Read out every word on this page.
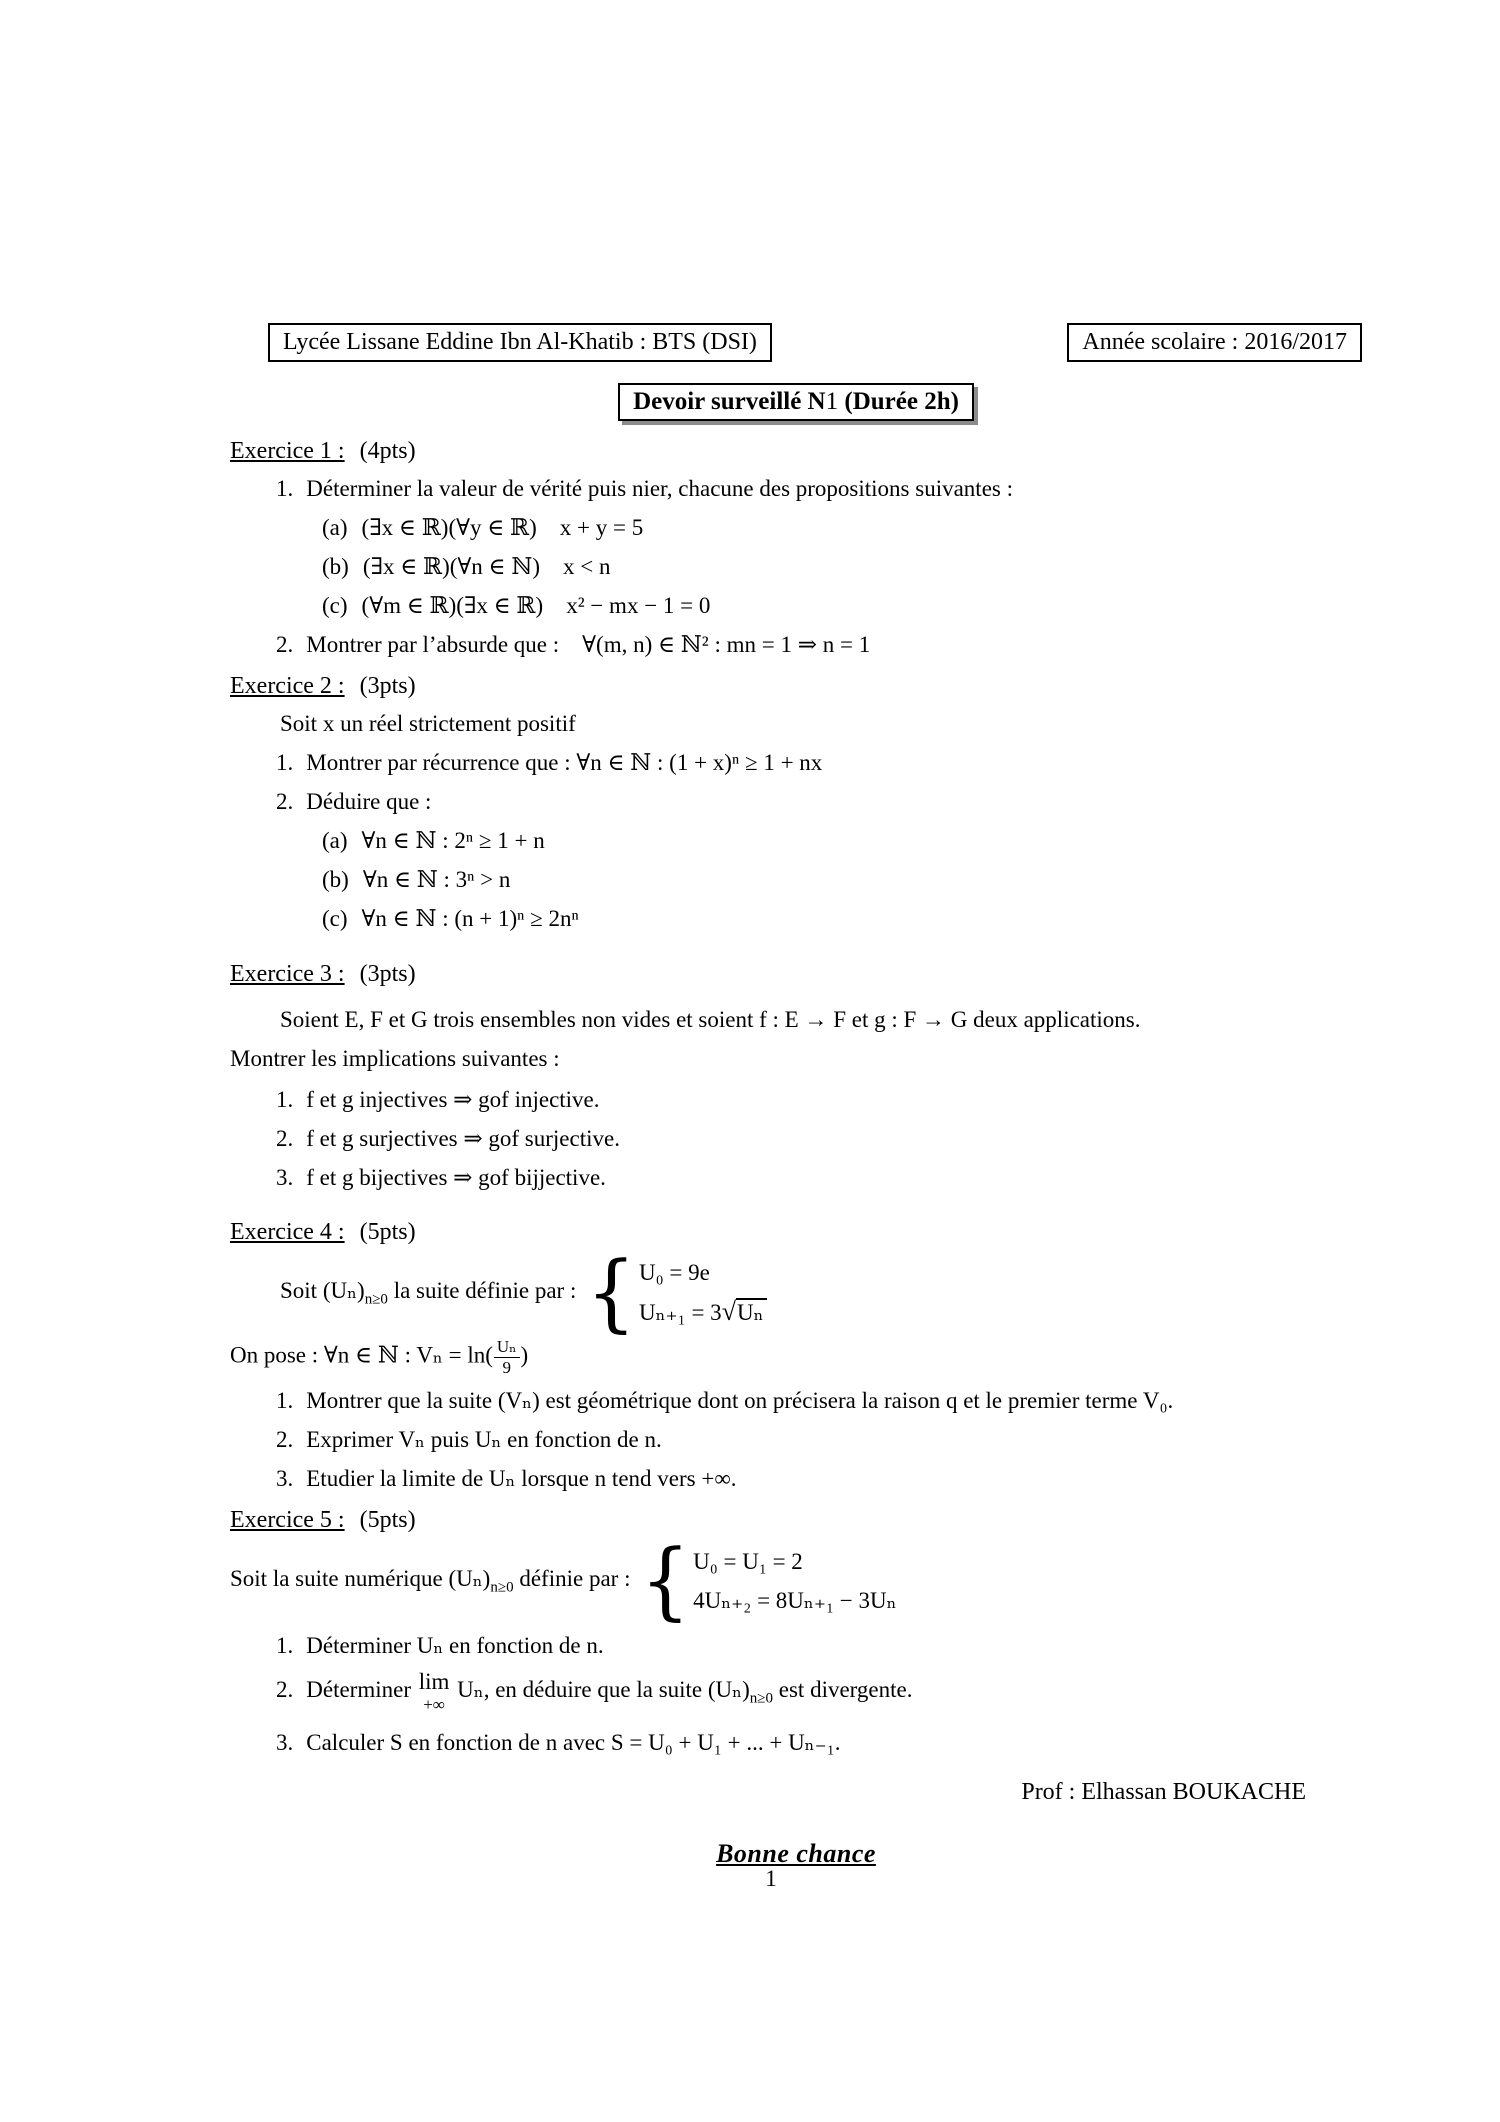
Lycée Lissane Eddine Ibn Al-Khatib : BTS (DSI)	Année scolaire : 2016/2017
Devoir surveillé N1 (Durée 2h)
Exercice 1 : (4pts)
1. Déterminer la valeur de vérité puis nier, chacune des propositions suivantes :
(a) (∃x ∈ ℝ)(∀y ∈ ℝ) x + y = 5
(b) (∃x ∈ ℝ)(∀n ∈ ℕ) x < n
(c) (∀m ∈ ℝ)(∃x ∈ ℝ) x² − mx − 1 = 0
2. Montrer par l’absurde que : ∀(m, n) ∈ ℕ² : mn = 1 ⇒ n = 1
Exercice 2 : (3pts)
Soit x un réel strictement positif
1. Montrer par récurrence que : ∀n ∈ ℕ : (1 + x)ⁿ ≥ 1 + nx
2. Déduire que :
(a) ∀n ∈ ℕ : 2ⁿ ≥ 1 + n
(b) ∀n ∈ ℕ : 3ⁿ > n
(c) ∀n ∈ ℕ : (n + 1)ⁿ ≥ 2nⁿ
Exercice 3 : (3pts)
Soient E, F et G trois ensembles non vides et soient f : E → F et g : F → G deux applications.
Montrer les implications suivantes :
1. f et g injectives ⇒ gof injective.
2. f et g surjectives ⇒ gof surjective.
3. f et g bijectives ⇒ gof bijjective.
Exercice 4 : (5pts)
Soit $(U_n)_{n\ge 0}$ la suite définie par : { U₀ = 9e
Uₙ₊₁ = 3√Uₙ
On pose : ∀n ∈ ℕ : $V_n = \ln( \frac{\text{Uₙ}}{9}$ )
1. Montrer que la suite (Vₙ) est géométrique dont on précisera la raison q et le premier terme V₀.
2. Exprimer Vₙ puis Uₙ en fonction de n.
3. Etudier la limite de Uₙ lorsque n tend vers +∞.
Exercice 5 : (5pts)
Soit la suite numérique $(U_n)_{n\ge 0}$ définie par : { U₀ = U₁ = 2
4Uₙ₊₂ = 8Uₙ₊₁ − 3Uₙ
1. Déterminer Uₙ en fonction de n.
2. Déterminer lim
+∞
Uₙ, en déduire que la suite $(U_n)_{n\ge 0}$ est divergente.
3. Calculer S en fonction de n avec S = U₀ + U₁ + ... + Uₙ₋₁.
Prof : Elhassan BOUKACHE
Bonne chance
1
